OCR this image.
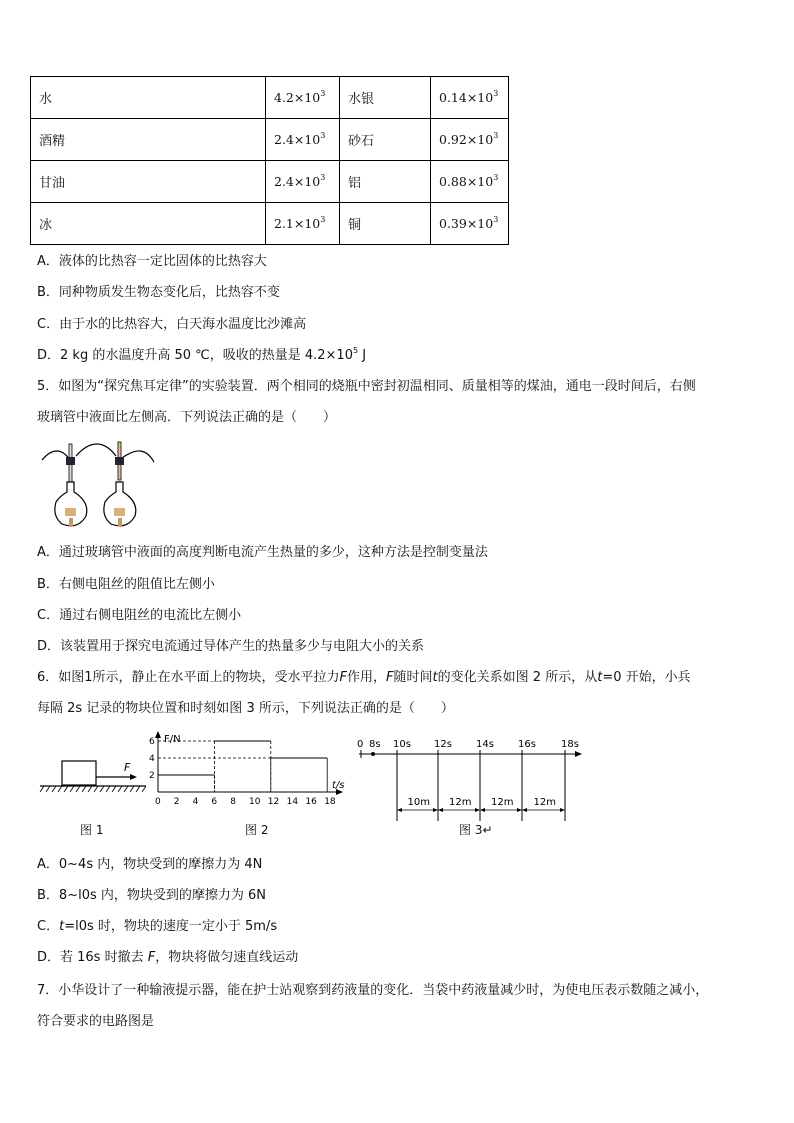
水	$4.2\times 10^3$	水银	$0.14\times 10^3$
酒精	$2.4\times 10^3$	砂石	$0.92\times 10^3$
甘油	$2.4\times 10^3$	铝	$0.88\times 10^3$
冰	$2.1\times 10^3$	铜	$0.39\times 10^3$
A．液体的比热容一定比固体的比热容大
B．同种物质发生物态变化后，比热容不变
C．由于水的比热容大，白天海水温度比沙滩高
D．2 kg 的水温度升高 50 ℃，吸收的热量是 $4.2\times 10^5$ J
5．如图为“探究焦耳定律”的实验装置．两个相同的烧瓶中密封初温相同、质量相等的煤油，通电一段时间后，右侧
玻璃管中液面比左侧高．下列说法正确的是（　　）
A．通过玻璃管中液面的高度判断电流产生热量的多少，这种方法是控制变量法
B．右侧电阻丝的阻值比左侧小
C．通过右侧电阻丝的电流比左侧小
D．该装置用于探究电流通过导体产生的热量多少与电阻大小的关系
6．如图1所示，静止在水平面上的物块，受水平拉力F作用，F随时间t的变化关系如图 2 所示，从t=0 开始，小兵
每隔 2s 记录的物块位置和时刻如图 3 所示，下列说法正确的是（　　）
F
F/N
t/s
2
4
6
0 2 4 6 8 10 12 14 16 18
0 8s 10s 12s 14s 16s	18s
10m 12m 12m 12m
图 1	图 2	图 3↵
A．0~4s 内，物块受到的摩擦力为 4N
B．8~l0s 内，物块受到的摩擦力为 6N
C．t=l0s 时，物块的速度一定小于 5m/s
D．若 16s 时撤去 F，物块将做匀速直线运动
7．小华设计了一种输液提示器，能在护士站观察到药液量的变化．当袋中药液量减少时，为使电压表示数随之减小，
符合要求的电路图是
